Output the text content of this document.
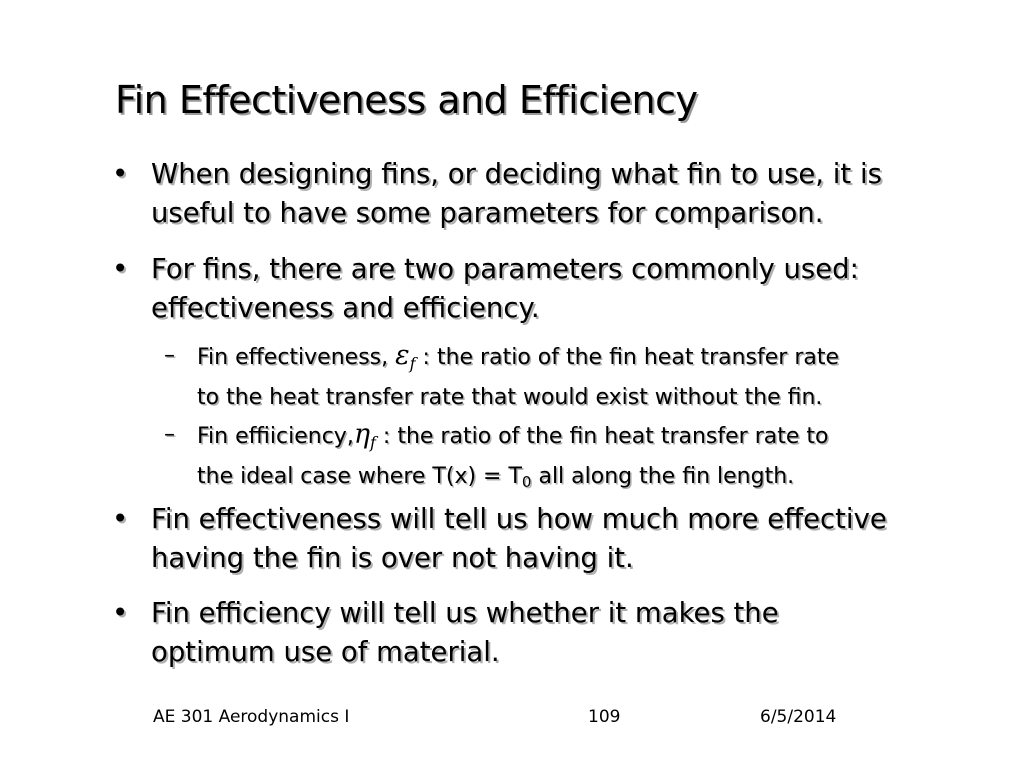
Fin Effectiveness and Efficiency
• When designing fins, or deciding what fin to use, it is
useful to have some parameters for comparison.
• For fins, there are two parameters commonly used:
effectiveness and efficiency.
– Fin effectiveness, $\varepsilon_f$ : the ratio of the fin heat transfer rate
to the heat transfer rate that would exist without the fin.
– Fin $effiiciency,\eta_f$ : the ratio of the fin heat transfer rate to
the ideal case where $T(x) = T_0$ all along the fin length.
• Fin effectiveness will tell us how much more effective
having the fin is over not having it.
• Fin efficiency will tell us whether it makes the
optimum use of material.
AE 301 Aerodynamics I	109	6/5/2014
